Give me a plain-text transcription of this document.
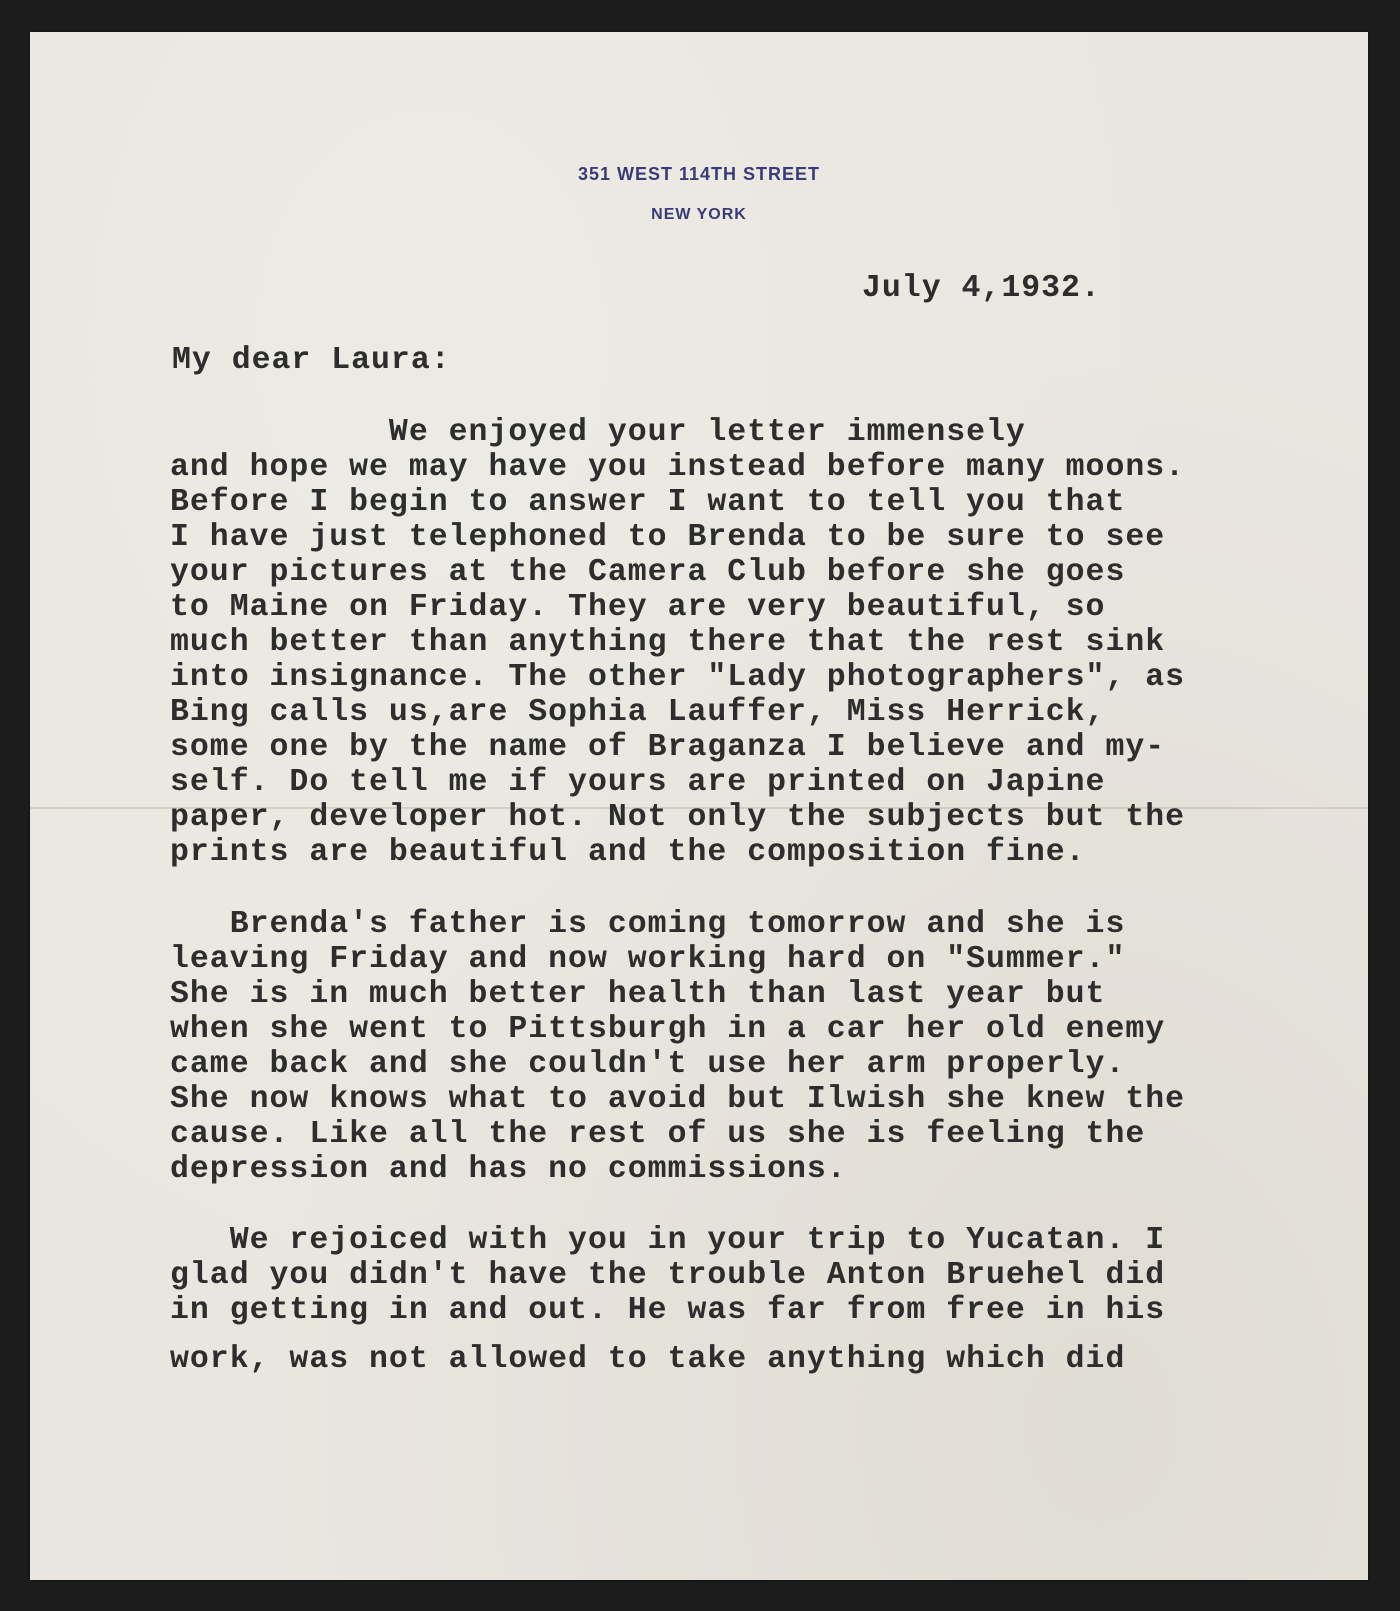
351 WEST 114TH STREET
NEW YORK
July 4,1932.
My dear Laura:
We enjoyed your letter immensely
and hope we may have you instead before many moons.
Before I begin to answer I want to tell you that
I have just telephoned to Brenda to be sure to see
your pictures at the Camera Club before she goes
to Maine on Friday. They are very beautiful, so
much better than anything there that the rest sink
into insignance. The other "Lady photographers", as
Bing calls us,are Sophia Lauffer, Miss Herrick,
some one by the name of Braganza I believe and my-
self. Do tell me if yours are printed on Japine
paper, developer hot. Not only the subjects but the
prints are beautiful and the composition fine.
Brenda's father is coming tomorrow and she is
leaving Friday and now working hard on "Summer."
She is in much better health than last year but
when she went to Pittsburgh in a car her old enemy
came back and she couldn't use her arm properly.
She now knows what to avoid but Ilwish she knew the
cause. Like all the rest of us she is feeling the
depression and has no commissions.
We rejoiced with you in your trip to Yucatan. I
glad you didn't have the trouble Anton Bruehel did
in getting in and out. He was far from free in his
work, was not allowed to take anything which did
